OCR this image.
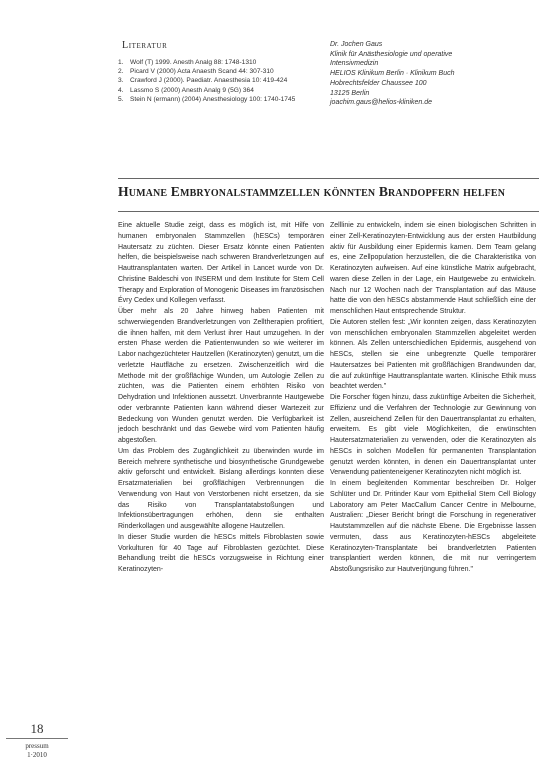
Literatur
1. Wolf (T) 1999. Anesth Analg 88: 1748-1310
2. Picard V (2000) Acta Anaesth Scand 44: 307-310
3. Crawford J (2000). Paediatr. Anaesthesia 10: 419-424
4. Lassmo S (2000) Anesth Analg 9 (5G) 364
5. Stein N (ermann) (2004) Anesthesiology 100: 1740-1745
Dr. Jochen Gaus
Klinik für Anästhesiologie und operative
Intensivmedizin
HELIOS Klinikum Berlin · Klinikum Buch
Hobrechtsfelder Chaussee 100
13125 Berlin
joachim.gaus@helios-kliniken.de
Humane Embryonalstammzellen könnten Brandopfern helfen

Eine aktuelle Studie zeigt, dass es möglich ist, mit Hilfe von humanen embryonalen Stammzellen (hESCs) temporären Hautersatz zu züchten. Dieser Ersatz könnte einen Patienten helfen, die beispielsweise nach schweren Brandverletzungen auf Hauttransplantaten warten. Der Artikel in Lancet wurde von Dr. Christine Baldeschi von INSERM und dem Institute for Stem Cell Therapy and Exploration of Monogenic Diseases im französischen Évry Cedex und Kollegen verfasst.

Über mehr als 20 Jahre hinweg haben Patienten mit schwerwiegenden Brandverletzungen von Zelltherapien profitiert, die ihnen halfen, mit dem Verlust ihrer Haut umzugehen. In der ersten Phase werden die Patientenwunden so wie weiterer im Labor nachgezüchteter Hautzellen (Keratinozyten) genutzt, um die verletzte Hautfläche zu ersetzen. Zwischenzeitlich wird die Methode mit der großflächige Wunden, um Autologie Zellen zu züchten, was die Patienten einem erhöhten Risiko von Dehydration und Infektionen aussetzt. Unverbrannte Hautgewebe oder verbrannte Patienten kann während dieser Wartezeit zur Bedeckung von Wunden genutzt werden. Die Verfügbarkeit ist jedoch beschränkt und das Gewebe wird vom Patienten häufig abgestoßen.

Um das Problem des Zugänglichkeit zu überwinden wurde im Bereich mehrere synthetische und biosynthetische Grundgewebe aktiv geforscht und entwickelt. Bislang allerdings konnten diese Ersatzmaterialien bei großflächigen Verbrennungen die Verwendung von Haut von Verstorbenen nicht ersetzen, da sie das Risiko von Transplantatabstoßungen und Infektionsübertragungen erhöhen, denn sie enthalten Rinderkollagen und ausgewählte allogene Hautzellen.

In dieser Studie wurden die hESCs mittels Fibroblasten sowie Vorkulturen für 40 Tage auf Fibroblasten gezüchtet. Diese Behandlung treibt die hESCs vorzugsweise in Richtung einer Keratinozyten-

Zelllinie zu entwickeln, indem sie einen biologischen Schritten in einer Zell-Keratinozyten-Entwicklung aus der ersten Hautbildung aktiv für Ausbildung einer Epidermis kamen. Dem Team gelang es, eine Zellpopulation herzustellen, die die Charakteristika von Keratinozyten aufweisen. Auf eine künstliche Matrix aufgebracht, waren diese Zellen in der Lage, ein Hautgewebe zu entwickeln. Nach nur 12 Wochen nach der Transplantation auf das Mäuse hatte die von den hESCs abstammende Haut schließlich eine der menschlichen Haut entsprechende Struktur.

Die Autoren stellen fest: „Wir konnten zeigen, dass Keratinozyten von menschlichen embryonalen Stammzellen abgeleitet werden können. Als Zellen unterschiedlichen Epidermis, ausgehend von hESCs, stellen sie eine unbegrenzte Quelle temporärer Hautersatzes bei Patienten mit großflächigen Brandwunden dar, die auf zukünftige Hauttransplantate warten. Klinische Ethik muss beachtet werden."

Die Forscher fügen hinzu, dass zukünftige Arbeiten die Sicherheit, Effizienz und die Verfahren der Technologie zur Gewinnung von Zellen, ausreichend Zellen für den Dauertransplantat zu erhalten, erweitern. Es gibt viele Möglichkeiten, die erwünschten Hautersatzmaterialien zu verwenden, oder die Keratinozyten als hESCs in solchen Modellen für permanenten Transplantation genutzt werden könnten, in denen ein Dauertransplantat unter Verwendung patienteneigener Keratinozyten nicht möglich ist.

In einem begleitenden Kommentar beschreiben Dr. Holger Schlüter und Dr. Pritinder Kaur vom Epithelial Stem Cell Biology Laboratory am Peter MacCallum Cancer Centre in Melbourne, Australien: „Dieser Bericht bringt die Forschung in regenerativer Hautstammzellen auf die nächste Ebene. Die Ergebnisse lassen vermuten, dass aus Keratinozyten-hESCs abgeleitete Keratinozyten-Transplantate bei brandverletzten Patienten transplantiert werden können, die mit nur verringertem Abstoßungsrisiko zur Hautverjüngung führen."

18
pressum
1·2010
